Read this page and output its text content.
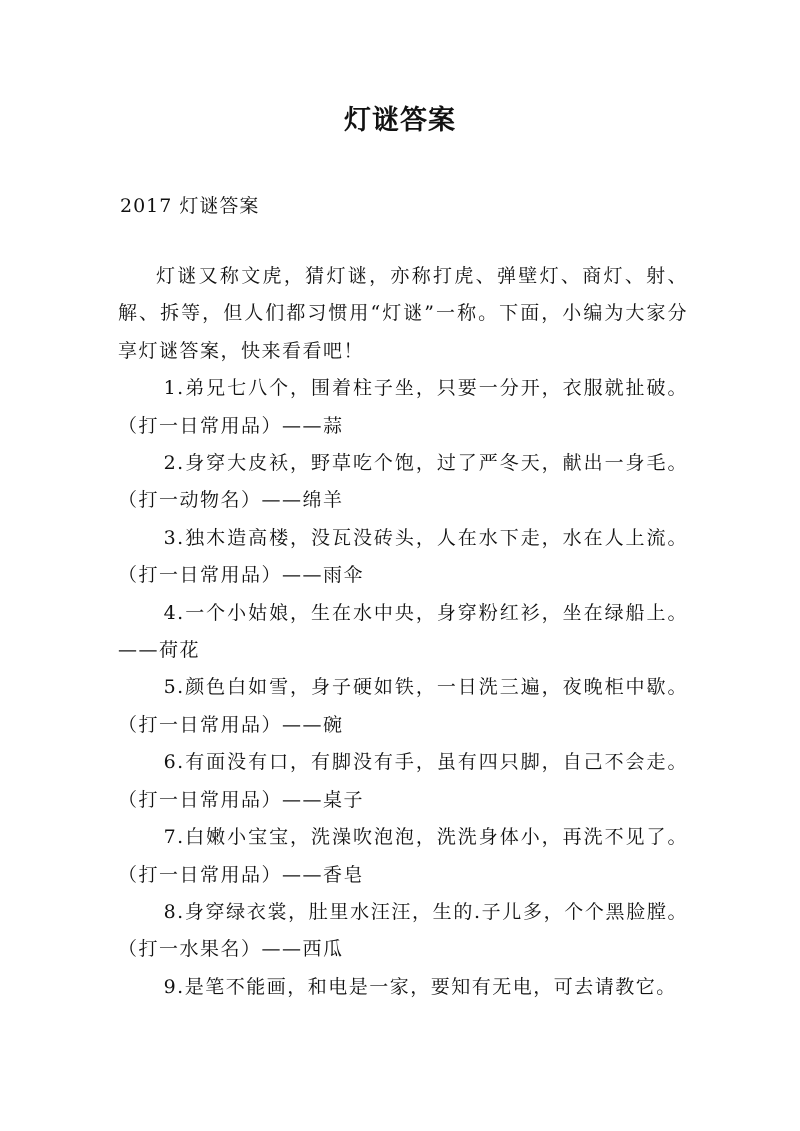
灯谜答案
2017 灯谜答案

灯谜又称文虎，猜灯谜，亦称打虎、弹壁灯、商灯、射、解、拆等，但人们都习惯用“灯谜”一称。下面，小编为大家分享灯谜答案，快来看看吧！

1.弟兄七八个，围着柱子坐，只要一分开，衣服就扯破。（打一日常用品）——蒜

2.身穿大皮袄，野草吃个饱，过了严冬天，献出一身毛。（打一动物名）——绵羊

3.独木造高楼，没瓦没砖头，人在水下走，水在人上流。（打一日常用品）——雨伞

4.一个小姑娘，生在水中央，身穿粉红衫，坐在绿船上。——荷花

5.颜色白如雪，身子硬如铁，一日洗三遍，夜晚柜中歇。（打一日常用品）——碗

6.有面没有口，有脚没有手，虽有四只脚，自己不会走。（打一日常用品）——桌子

7.白嫩小宝宝，洗澡吹泡泡，洗洗身体小，再洗不见了。（打一日常用品）——香皂

8.身穿绿衣裳，肚里水汪汪，生的.子儿多，个个黑脸膛。（打一水果名）——西瓜

9.是笔不能画，和电是一家，要知有无电，可去请教它。
